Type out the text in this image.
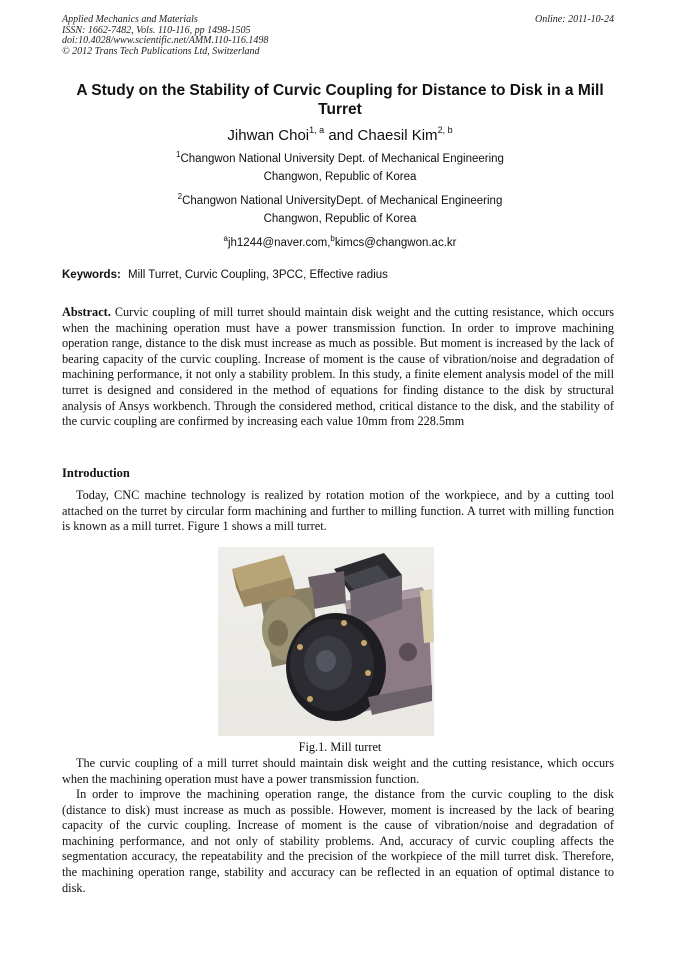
Applied Mechanics and Materials
ISSN: 1662-7482, Vols. 110-116, pp 1498-1505
doi:10.4028/www.scientific.net/AMM.110-116.1498
© 2012 Trans Tech Publications Ltd, Switzerland
Online: 2011-10-24
A Study on the Stability of Curvic Coupling for Distance to Disk in a Mill Turret
Jihwan Choi$^{1, a}$ and Chaesil Kim$^{2, b}$
$^1$Changwon National University Dept. of Mechanical Engineering
Changwon, Republic of Korea
$^2$Changwon National UniversityDept. of Mechanical Engineering
Changwon, Republic of Korea
$^a$jh1244@naver.com,$^b$kimcs@changwon.ac.kr
Keywords: Mill Turret, Curvic Coupling, 3PCC, Effective radius
Abstract. Curvic coupling of mill turret should maintain disk weight and the cutting resistance, which occurs when the machining operation must have a power transmission function. In order to improve machining operation range, distance to the disk must increase as much as possible. But moment is increased by the lack of bearing capacity of the curvic coupling. Increase of moment is the cause of vibration/noise and degradation of machining performance, it not only a stability problem. In this study, a finite element analysis model of the mill turret is designed and considered in the method of equations for finding distance to the disk by structural analysis of Ansys workbench. Through the considered method, critical distance to the disk, and the stability of the curvic coupling are confirmed by increasing each value 10mm from 228.5mm
Introduction
Today, CNC machine technology is realized by rotation motion of the workpiece, and by a cutting tool attached on the turret by circular form machining and further to milling function. A turret with milling function is known as a mill turret. Figure 1 shows a mill turret.
Fig.1. Mill turret
The curvic coupling of a mill turret should maintain disk weight and the cutting resistance, which occurs when the machining operation must have a power transmission function.
In order to improve the machining operation range, the distance from the curvic coupling to the disk (distance to disk) must increase as much as possible. However, moment is increased by the lack of bearing capacity of the curvic coupling. Increase of moment is the cause of vibration/noise and degradation of machining performance, and not only of stability problems. And, accuracy of curvic coupling affects the segmentation accuracy, the repeatability and the precision of the workpiece of the mill turret disk. Therefore, the machining operation range, stability and accuracy can be reflected in an equation of optimal distance to disk.
